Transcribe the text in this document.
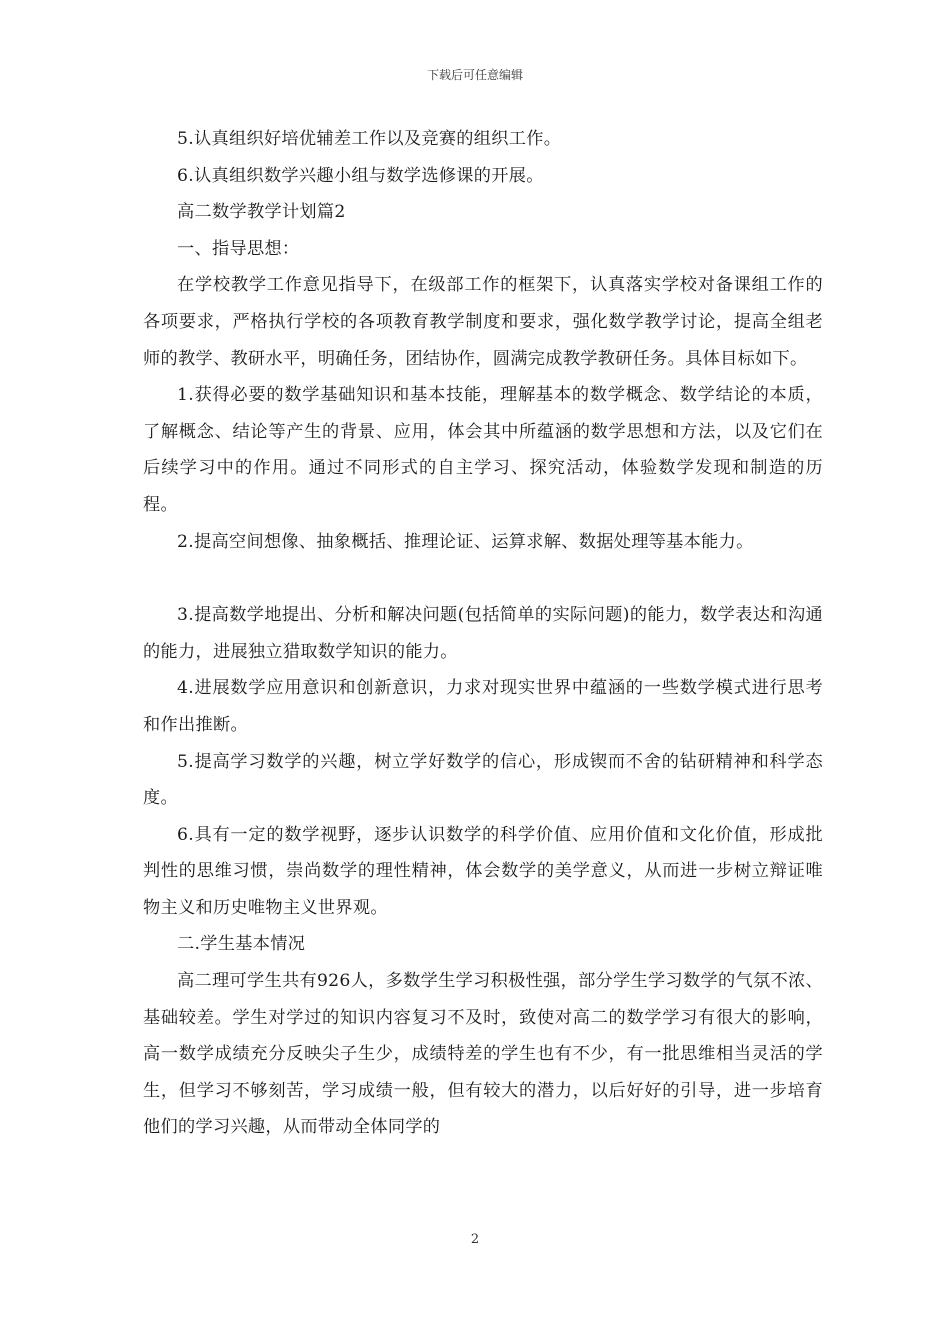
下载后可任意编辑

5.认真组织好培优辅差工作以及竞赛的组织工作。

6.认真组织数学兴趣小组与数学选修课的开展。

高二数学教学计划篇2

一、指导思想：

在学校教学工作意见指导下，在级部工作的框架下，认真落实学校对备课组工作的各项要求，严格执行学校的各项教育教学制度和要求，强化数学教学讨论，提高全组老师的教学、教研水平，明确任务，团结协作，圆满完成教学教研任务。具体目标如下。

1.获得必要的数学基础知识和基本技能，理解基本的数学概念、数学结论的本质，了解概念、结论等产生的背景、应用，体会其中所蕴涵的数学思想和方法，以及它们在后续学习中的作用。通过不同形式的自主学习、探究活动，体验数学发现和制造的历程。

2.提高空间想像、抽象概括、推理论证、运算求解、数据处理等基本能力。

3.提高数学地提出、分析和解决问题(包括简单的实际问题)的能力，数学表达和沟通的能力，进展独立猎取数学知识的能力。

4.进展数学应用意识和创新意识，力求对现实世界中蕴涵的一些数学模式进行思考和作出推断。

5.提高学习数学的兴趣，树立学好数学的信心，形成锲而不舍的钻研精神和科学态度。

6.具有一定的数学视野，逐步认识数学的科学价值、应用价值和文化价值，形成批判性的思维习惯，崇尚数学的理性精神，体会数学的美学意义，从而进一步树立辩证唯物主义和历史唯物主义世界观。

二.学生基本情况

高二理可学生共有926人，多数学生学习积极性强，部分学生学习数学的气氛不浓、基础较差。学生对学过的知识内容复习不及时，致使对高二的数学学习有很大的影响，高一数学成绩充分反映尖子生少，成绩特差的学生也有不少，有一批思维相当灵活的学生，但学习不够刻苦，学习成绩一般，但有较大的潜力，以后好好的引导，进一步培育他们的学习兴趣，从而带动全体同学的

2
